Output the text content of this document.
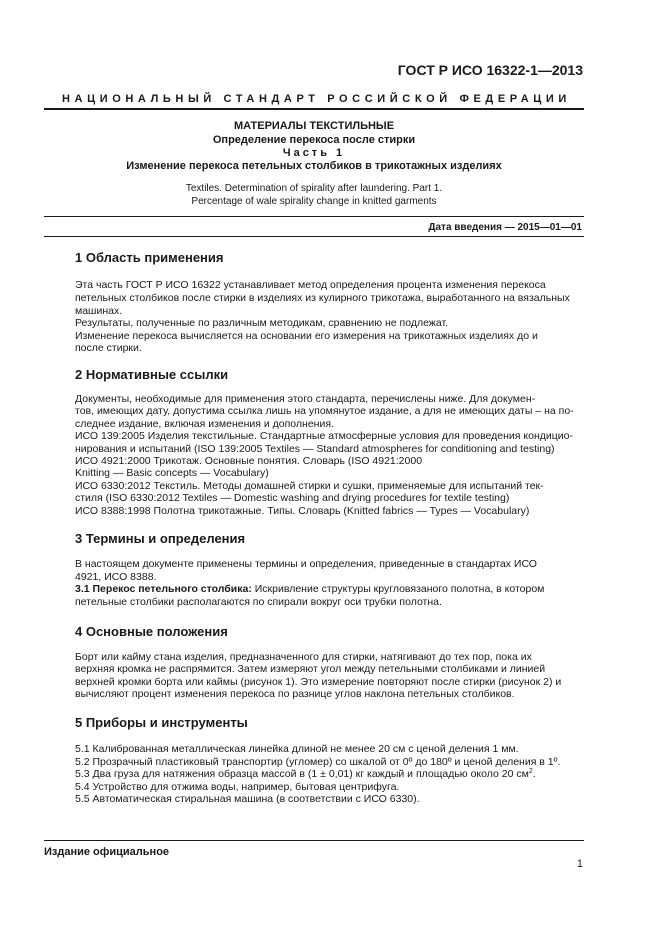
ГОСТ Р ИСО 16322-1—2013
НАЦИОНАЛЬНЫЙ СТАНДАРТ РОССИЙСКОЙ ФЕДЕРАЦИИ
МАТЕРИАЛЫ ТЕКСТИЛЬНЫЕ
Определение перекоса после стирки
Часть 1
Изменение перекоса петельных столбиков в трикотажных изделиях
Textiles. Determination of spirality after laundering. Part 1.
Percentage of wale spirality change in knitted garments
Дата введения — 2015—01—01
1 Область применения
Эта часть ГОСТ Р ИСО 16322 устанавливает метод определения процента изменения перекоса
петельных столбиков после стирки в изделиях из кулирного трикотажа, выработанного на вязальных
машинах.
Результаты, полученные по различным методикам, сравнению не подлежат.
Изменение перекоса вычисляется на основании его измерения на трикотажных изделиях до и
после стирки.
2 Нормативные ссылки
Документы, необходимые для применения этого стандарта, перечислены ниже. Для докумен-
тов, имеющих дату, допустима ссылка лишь на упомянутое издание, а для не имеющих даты – на по-
следнее издание, включая изменения и дополнения.
ИСО 139:2005 Изделия текстильные. Стандартные атмосферные условия для проведения кондицио-
нирования и испытаний (ISO 139:2005 Textiles — Standard atmospheres for conditioning and testing)
ИСО 4921:2000 Трикотаж. Основные понятия. Словарь (ISO 4921:2000
Knitting — Basic concepts — Vocabulary)
ИСО 6330:2012 Текстиль. Методы домашней стирки и сушки, применяемые для испытаний тек-
стиля (ISO 6330:2012 Textiles — Domestic washing and drying procedures for textile testing)
ИСО 8388:1998 Полотна трикотажные. Типы. Словарь (Knitted fabrics — Types — Vocabulary)
3 Термины и определения
В настоящем документе применены термины и определения, приведенные в стандартах ИСО
4921, ИСО 8388.
3.1 Перекос петельного столбика: Искривление структуры кругловязаного полотна, в котором
петельные столбики располагаются по спирали вокруг оси трубки полотна.
4 Основные положения
Борт или кайму стана изделия, предназначенного для стирки, натягивают до тех пор, пока их
верхняя кромка не распрямится. Затем измеряют угол между петельными столбиками и линией
верхней кромки борта или каймы (рисунок 1). Это измерение повторяют после стирки (рисунок 2) и
вычисляют процент изменения перекоса по разнице углов наклона петельных столбиков.
5 Приборы и инструменты
5.1 Калиброванная металлическая линейка длиной не менее 20 см с ценой деления 1 мм.
5.2 Прозрачный пластиковый транспортир (угломер) со шкалой от 0º до 180º и ценой деления в 1º.
5.3 Два груза для натяжения образца массой в (1 ± 0,01) кг каждый и площадью около 20 $см^2$.
5.4 Устройство для отжима воды, например, бытовая центрифуга.
5.5 Автоматическая стиральная машина (в соответствии с ИСО 6330).
Издание официальное
1
